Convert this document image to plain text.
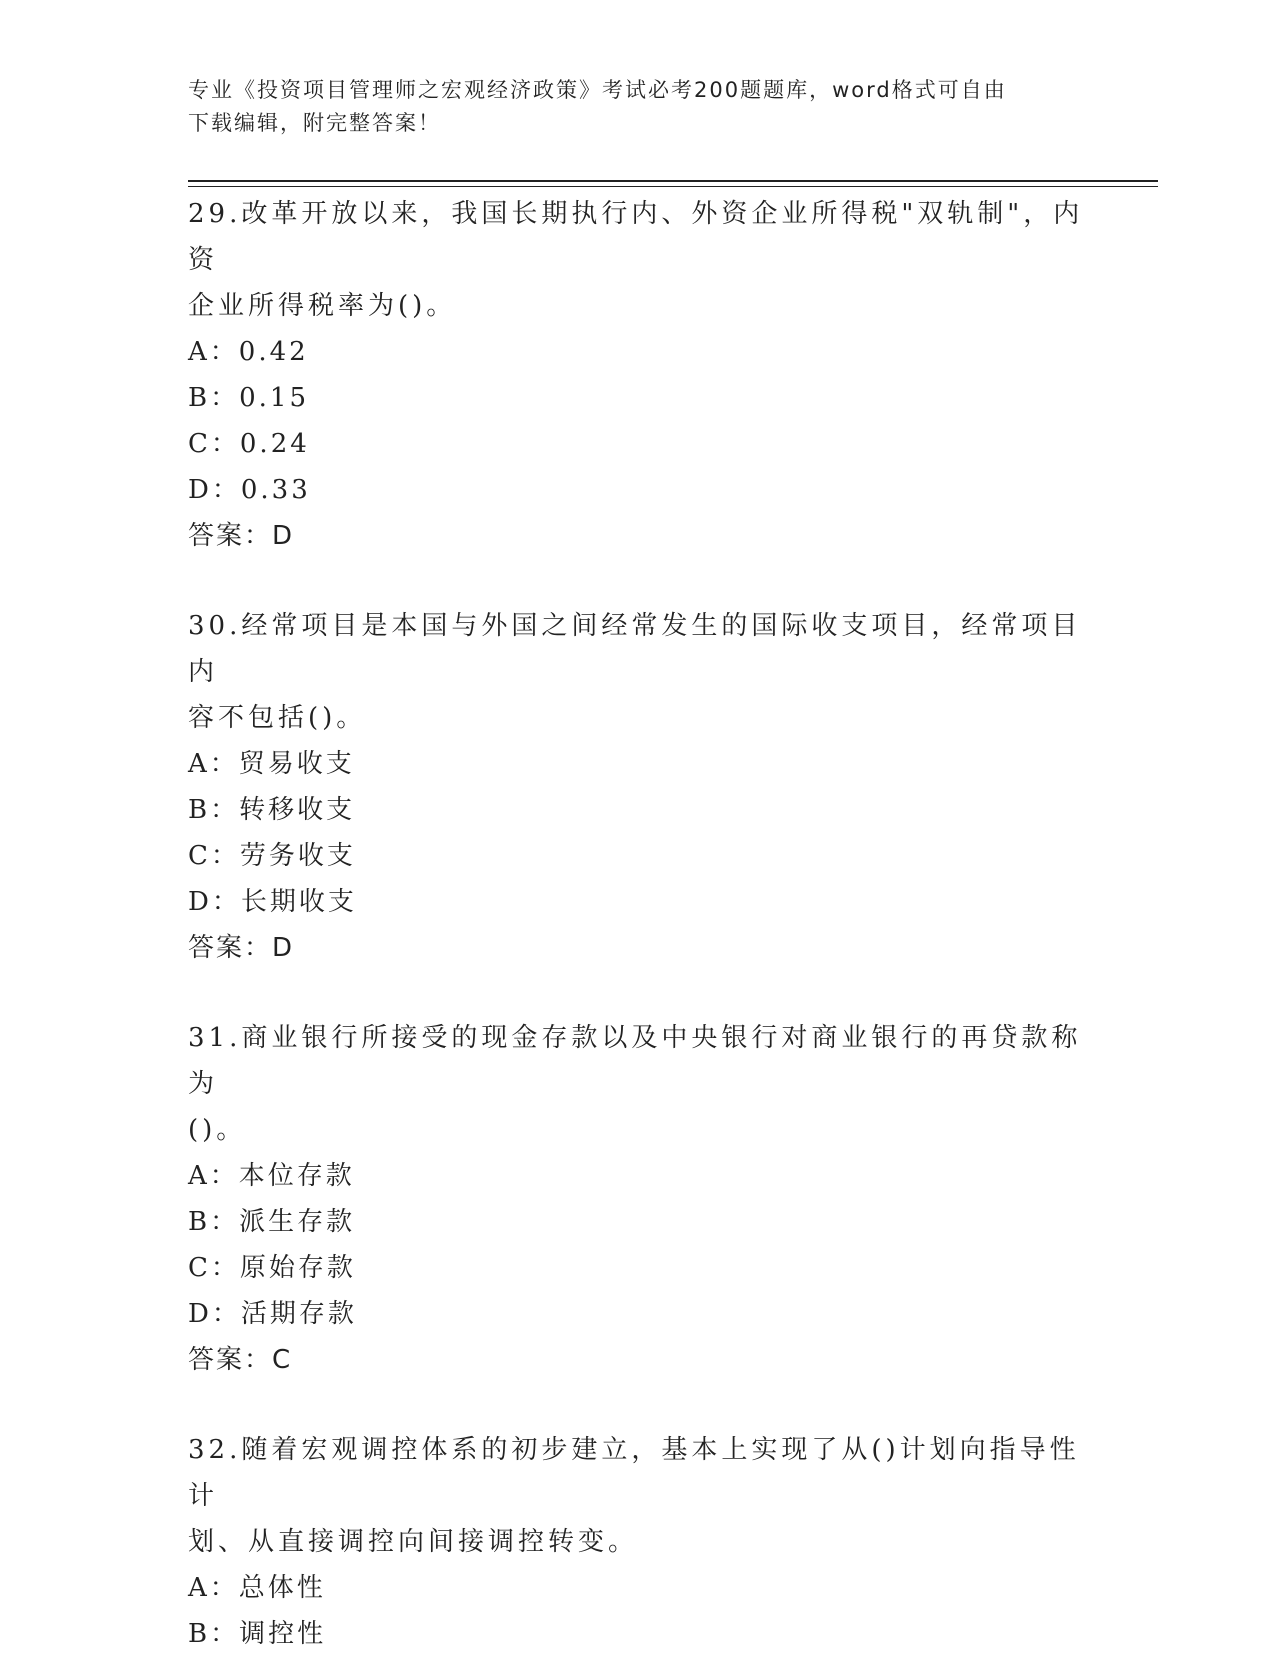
专业《投资项目管理师之宏观经济政策》考试必考200题题库，word格式可自由
下载编辑，附完整答案！

29.改革开放以来，我国长期执行内、外资企业所得税"双轨制"，内资

企业所得税率为()。

A：0.42

B：0.15

C：0.24

D：0.33

答案：D

30.经常项目是本国与外国之间经常发生的国际收支项目，经常项目内

容不包括()。

A：贸易收支

B：转移收支

C：劳务收支

D：长期收支

答案：D

31.商业银行所接受的现金存款以及中央银行对商业银行的再贷款称为

()。

A：本位存款

B：派生存款

C：原始存款

D：活期存款

答案：C

32.随着宏观调控体系的初步建立，基本上实现了从()计划向指导性计

划、从直接调控向间接调控转变。

A：总体性

B：调控性
